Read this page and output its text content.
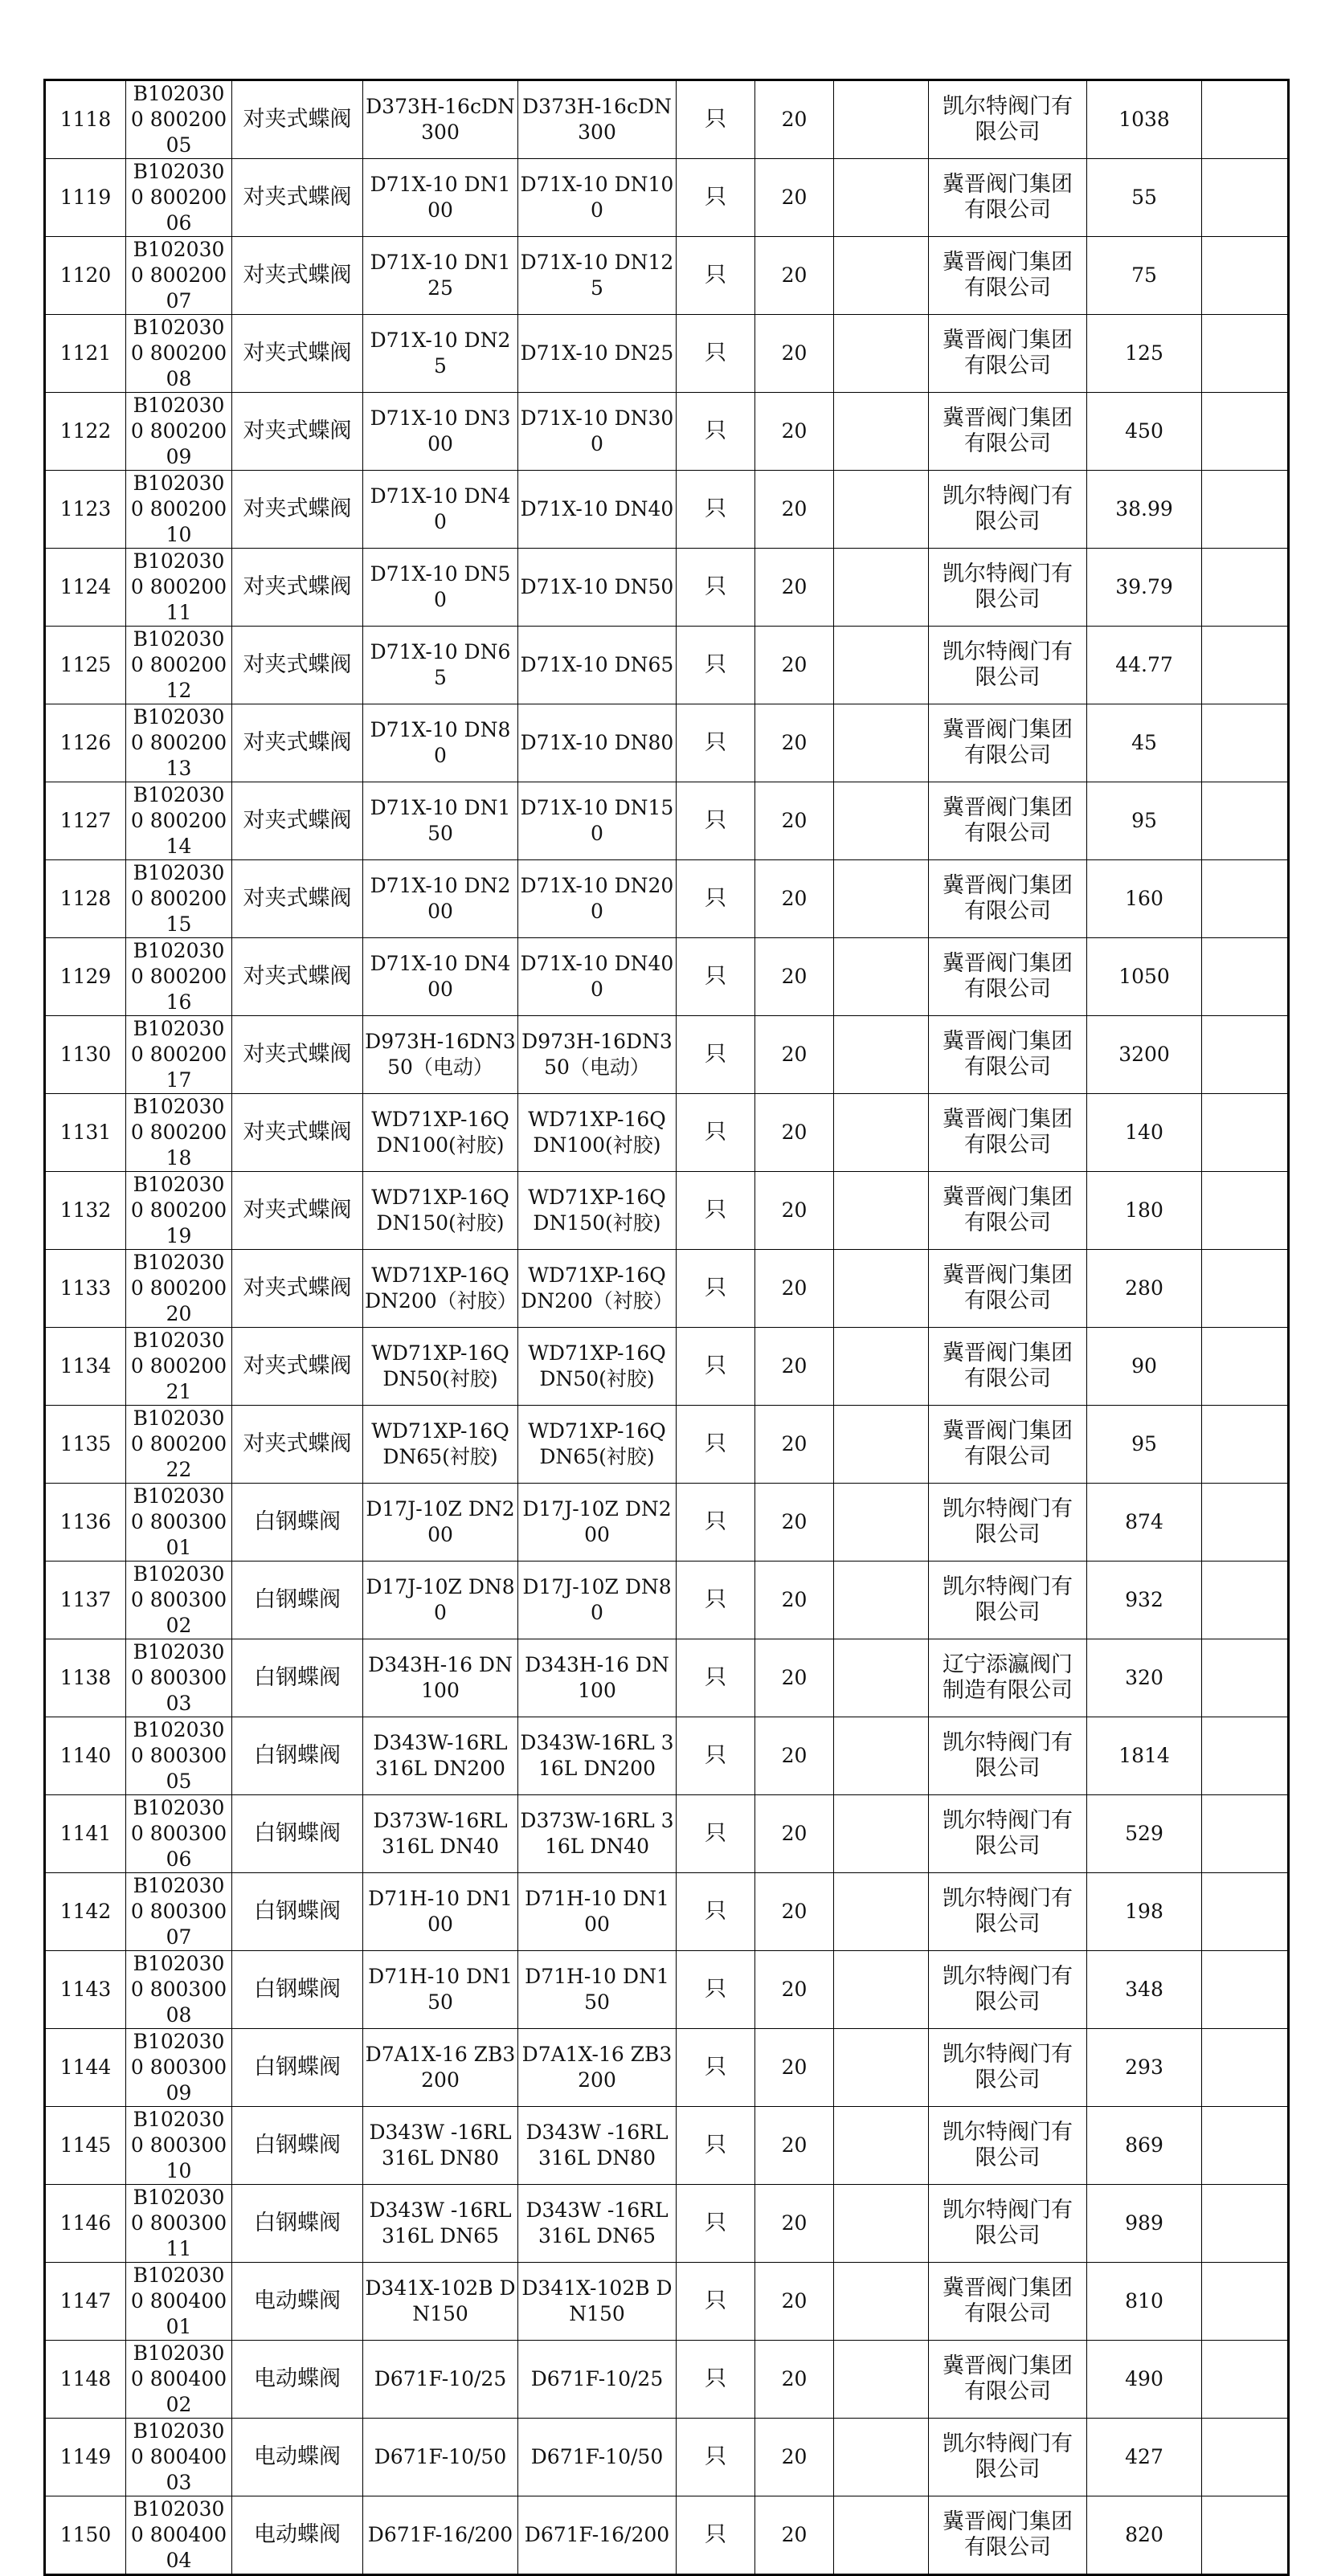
1118	B1020300 80020005	对夹式蝶阀	D373H-16cDN300	D373H-16cDN300	只	20		凯尔特阀门有限公司	1038	
1119	B1020300 80020006	对夹式蝶阀	D71X-10 DN100	D71X-10 DN100	只	20		冀晋阀门集团有限公司	55	
1120	B1020300 80020007	对夹式蝶阀	D71X-10 DN125	D71X-10 DN125	只	20		冀晋阀门集团有限公司	75	
1121	B1020300 80020008	对夹式蝶阀	D71X-10 DN25	D71X-10 DN25	只	20		冀晋阀门集团有限公司	125	
1122	B1020300 80020009	对夹式蝶阀	D71X-10 DN300	D71X-10 DN300	只	20		冀晋阀门集团有限公司	450	
1123	B1020300 80020010	对夹式蝶阀	D71X-10 DN40	D71X-10 DN40	只	20		凯尔特阀门有限公司	38.99	
1124	B1020300 80020011	对夹式蝶阀	D71X-10 DN50	D71X-10 DN50	只	20		凯尔特阀门有限公司	39.79	
1125	B1020300 80020012	对夹式蝶阀	D71X-10 DN65	D71X-10 DN65	只	20		凯尔特阀门有限公司	44.77	
1126	B1020300 80020013	对夹式蝶阀	D71X-10 DN80	D71X-10 DN80	只	20		冀晋阀门集团有限公司	45	
1127	B1020300 80020014	对夹式蝶阀	D71X-10 DN150	D71X-10 DN150	只	20		冀晋阀门集团有限公司	95	
1128	B1020300 80020015	对夹式蝶阀	D71X-10 DN200	D71X-10 DN200	只	20		冀晋阀门集团有限公司	160	
1129	B1020300 80020016	对夹式蝶阀	D71X-10 DN400	D71X-10 DN400	只	20		冀晋阀门集团有限公司	1050	
1130	B1020300 80020017	对夹式蝶阀	D973H-16DN350（电动）	D973H-16DN350（电动）	只	20		冀晋阀门集团有限公司	3200	
1131	B1020300 80020018	对夹式蝶阀	WD71XP-16Q DN100(衬胶)	WD71XP-16Q DN100(衬胶)	只	20		冀晋阀门集团有限公司	140	
1132	B1020300 80020019	对夹式蝶阀	WD71XP-16Q DN150(衬胶)	WD71XP-16Q DN150(衬胶)	只	20		冀晋阀门集团有限公司	180	
1133	B1020300 80020020	对夹式蝶阀	WD71XP-16Q DN200（衬胶）	WD71XP-16Q DN200（衬胶）	只	20		冀晋阀门集团有限公司	280	
1134	B1020300 80020021	对夹式蝶阀	WD71XP-16Q DN50(衬胶)	WD71XP-16Q DN50(衬胶)	只	20		冀晋阀门集团有限公司	90	
1135	B1020300 80020022	对夹式蝶阀	WD71XP-16Q DN65(衬胶)	WD71XP-16Q DN65(衬胶)	只	20		冀晋阀门集团有限公司	95	
1136	B1020300 80030001	白钢蝶阀	D17J-10Z DN200	D17J-10Z DN200	只	20		凯尔特阀门有限公司	874	
1137	B1020300 80030002	白钢蝶阀	D17J-10Z DN80	D17J-10Z DN80	只	20		凯尔特阀门有限公司	932	
1138	B1020300 80030003	白钢蝶阀	D343H-16 DN100	D343H-16 DN100	只	20		辽宁添瀛阀门制造有限公司	320	
1140	B1020300 80030005	白钢蝶阀	D343W-16RL 316L DN200	D343W-16RL 316L DN200	只	20		凯尔特阀门有限公司	1814	
1141	B1020300 80030006	白钢蝶阀	D373W-16RL 316L DN40	D373W-16RL 316L DN40	只	20		凯尔特阀门有限公司	529	
1142	B1020300 80030007	白钢蝶阀	D71H-10 DN100	D71H-10 DN100	只	20		凯尔特阀门有限公司	198	
1143	B1020300 80030008	白钢蝶阀	D71H-10 DN150	D71H-10 DN150	只	20		凯尔特阀门有限公司	348	
1144	B1020300 80030009	白钢蝶阀	D7A1X-16 ZB3 200	D7A1X-16 ZB3 200	只	20		凯尔特阀门有限公司	293	
1145	B1020300 80030010	白钢蝶阀	D343W -16RL 316L DN80	D343W -16RL 316L DN80	只	20		凯尔特阀门有限公司	869	
1146	B1020300 80030011	白钢蝶阀	D343W -16RL 316L DN65	D343W -16RL 316L DN65	只	20		凯尔特阀门有限公司	989	
1147	B1020300 80040001	电动蝶阀	D341X-102B DN150	D341X-102B DN150	只	20		冀晋阀门集团有限公司	810	
1148	B1020300 80040002	电动蝶阀	D671F-10/25	D671F-10/25	只	20		冀晋阀门集团有限公司	490	
1149	B1020300 80040003	电动蝶阀	D671F-10/50	D671F-10/50	只	20		凯尔特阀门有限公司	427	
1150	B1020300 80040004	电动蝶阀	D671F-16/200	D671F-16/200	只	20		冀晋阀门集团有限公司	820	
